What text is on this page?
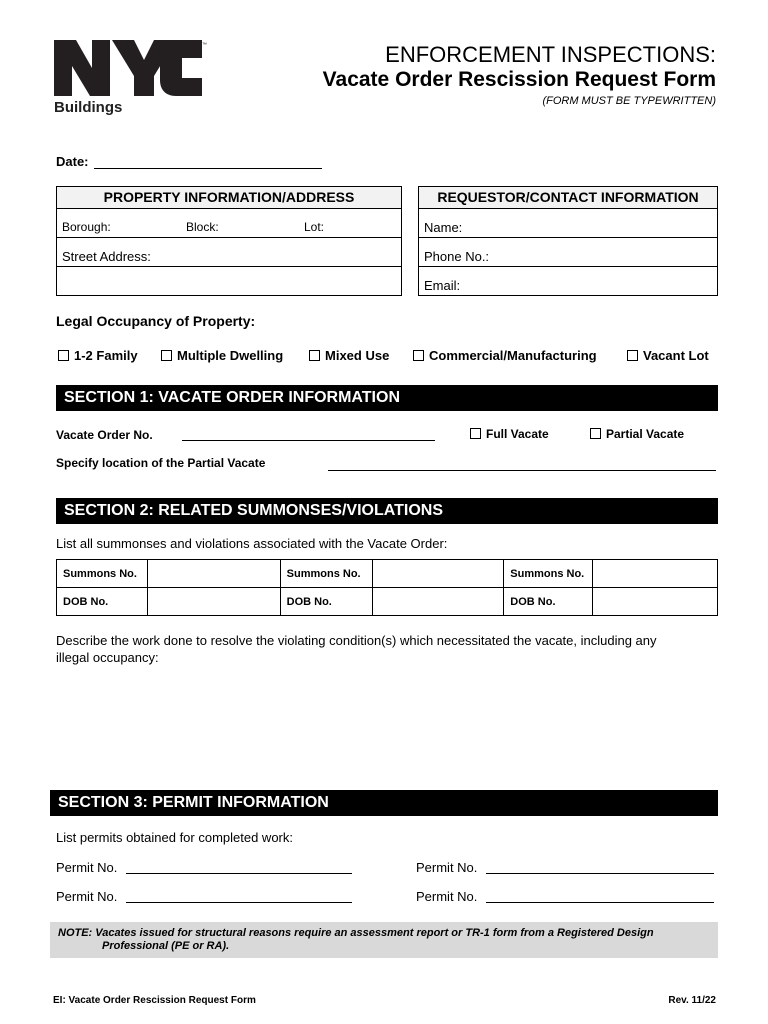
™
Buildings
ENFORCEMENT INSPECTIONS:
Vacate Order Rescission Request Form
(FORM MUST BE TYPEWRITTEN)
Date:
PROPERTY INFORMATION/ADDRESS
Borough:	Block:	Lot:
Street Address:
REQUESTOR/CONTACT INFORMATION
Name:
Phone No.:
Email:
Legal Occupancy of Property:
1-2 Family	Multiple Dwelling	Mixed Use	Commercial/Manufacturing	Vacant Lot
SECTION 1: VACATE ORDER INFORMATION
Vacate Order No.	Full Vacate	Partial Vacate
Specify location of the Partial Vacate
SECTION 2: RELATED SUMMONSES/VIOLATIONS
List all summonses and violations associated with the Vacate Order:
Summons No.		Summons No.		Summons No.	
DOB No.		DOB No.		DOB No.	
Describe the work done to resolve the violating condition(s) which necessitated the vacate, including any
illegal occupancy:
SECTION 3: PERMIT INFORMATION
List permits obtained for completed work:
Permit No.	Permit No.
Permit No.	Permit No.
NOTE: Vacates issued for structural reasons require an assessment report or TR-1 form from a Registered Design
Professional (PE or RA).
EI: Vacate Order Rescission Request Form	Rev. 11/22
